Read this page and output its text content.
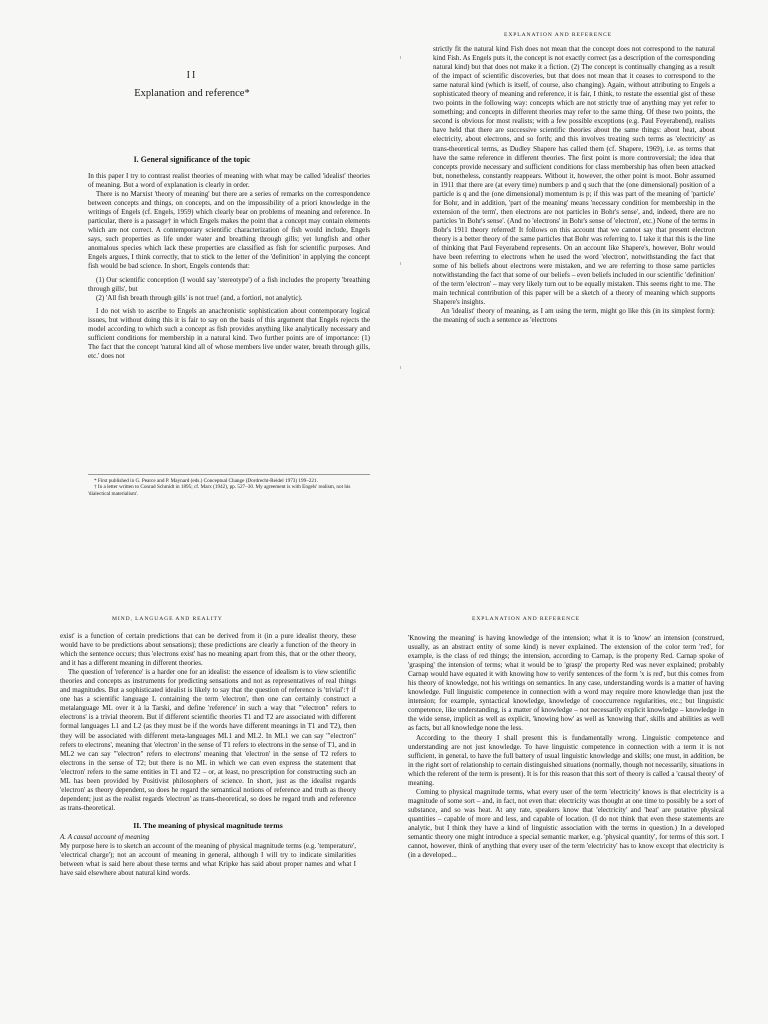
II
Explanation and reference*
I. General significance of the topic

In this paper I try to contrast realist theories of meaning with what may be called 'idealist' theories of meaning. But a word of explanation is clearly in order.

There is no Marxist 'theory of meaning' but there are a series of remarks on the correspondence between concepts and things, on concepts, and on the impossibility of a priori knowledge in the writings of Engels (cf. Engels, 1959) which clearly bear on problems of meaning and reference. In particular, there is a passage† in which Engels makes the point that a concept may contain elements which are not correct. A contemporary scientific characterization of fish would include, Engels says, such properties as life under water and breathing through gills; yet lungfish and other anomalous species which lack these properties are classified as fish for scientific purposes. And Engels argues, I think correctly, that to stick to the letter of the 'definition' in applying the concept fish would be bad science. In short, Engels contends that:

(1) Our scientific conception (I would say 'stereotype') of a fish includes the property 'breathing through gills', but

(2) 'All fish breath through gills' is not true! (and, a fortiori, not analytic).

I do not wish to ascribe to Engels an anachronistic sophistication about contemporary logical issues, but without doing this it is fair to say on the basis of this argument that Engels rejects the model according to which such a concept as fish provides anything like analytically necessary and sufficient conditions for membership in a natural kind. Two further points are of importance: (1) The fact that the concept 'natural kind all of whose members live under water, breath through gills, etc.' does not

* First published in G. Pearce and P. Maynard (eds.) Conceptual Change (Dordrecht-Reidel 1973) 199–221.

† In a letter written to Conrad Schmidt in 1895; cf. Marx (1942), pp. 527–30. My agreement is with Engels' realism, not his 'dialectical materialism'.

EXPLANATION AND REFERENCE

strictly fit the natural kind Fish does not mean that the concept does not correspond to the natural kind Fish. As Engels puts it, the concept is not exactly correct (as a description of the corresponding natural kind) but that does not make it a fiction. (2) The concept is continually changing as a result of the impact of scientific discoveries, but that does not mean that it ceases to correspond to the same natural kind (which is itself, of course, also changing). Again, without attributing to Engels a sophisticated theory of meaning and reference, it is fair, I think, to restate the essential gist of these two points in the following way: concepts which are not strictly true of anything may yet refer to something; and concepts in different theories may refer to the same thing. Of these two points, the second is obvious for most realists; with a few possible exceptions (e.g. Paul Feyerabend), realists have held that there are successive scientific theories about the same things: about heat, about electricity, about electrons, and so forth; and this involves treating such terms as 'electricity' as trans-theoretical terms, as Dudley Shapere has called them (cf. Shapere, 1969), i.e. as terms that have the same reference in different theories. The first point is more controversial; the idea that concepts provide necessary and sufficient conditions for class membership has often been attacked but, nonetheless, constantly reappears. Without it, however, the other point is moot. Bohr assumed in 1911 that there are (at every time) numbers p and q such that the (one dimensional) position of a particle is q and the (one dimensional) momentum is p; if this was part of the meaning of 'particle' for Bohr, and in addition, 'part of the meaning' means 'necessary condition for membership in the extension of the term', then electrons are not particles in Bohr's sense', and, indeed, there are no particles 'in Bohr's sense'. (And no 'electrons' in Bohr's sense of 'electron', etc.) None of the terms in Bohr's 1911 theory referred! It follows on this account that we cannot say that present electron theory is a better theory of the same particles that Bohr was referring to. I take it that this is the line of thinking that Paul Feyerabend represents. On an account like Shapere's, however, Bohr would have been referring to electrons when he used the word 'electron', notwithstanding the fact that some of his beliefs about electrons were mistaken, and we are referring to those same particles notwithstanding the fact that some of our beliefs – even beliefs included in our scientific 'definition' of the term 'electron' – may very likely turn out to be equally mistaken. This seems right to me. The main technical contribution of this paper will be a sketch of a theory of meaning which supports Shapere's insights.

An 'idealist' theory of meaning, as I am using the term, might go like this (in its simplest form): the meaning of such a sentence as 'electrons

MIND, LANGUAGE AND REALITY

exist' is a function of certain predictions that can be derived from it (in a pure idealist theory, these would have to be predictions about sensations); these predictions are clearly a function of the theory in which the sentence occurs; thus 'electrons exist' has no meaning apart from this, that or the other theory, and it has a different meaning in different theories.

The question of 'reference' is a harder one for an idealist: the essence of idealism is to view scientific theories and concepts as instruments for predicting sensations and not as representatives of real things and magnitudes. But a sophisticated idealist is likely to say that the question of reference is 'trivial':† if one has a scientific language L containing the term 'electron', then one can certainly construct a metalanguage ML over it à la Tarski, and define 'reference' in such a way that '"electron" refers to electrons' is a trivial theorem. But if different scientific theories T1 and T2 are associated with different formal languages L1 and L2 (as they must be if the words have different meanings in T1 and T2), then they will be associated with different meta-languages ML1 and ML2. In ML1 we can say '"electron" refers to electrons', meaning that 'electron' in the sense of T1 refers to electrons in the sense of T1, and in ML2 we can say '"electron" refers to electrons' meaning that 'electron' in the sense of T2 refers to electrons in the sense of T2; but there is no ML in which we can even express the statement that 'electron' refers to the same entities in T1 and T2 – or, at least, no prescription for constructing such an ML has been provided by Positivist philosophers of science. In short, just as the idealist regards 'electron' as theory dependent, so does he regard the semantical notions of reference and truth as theory dependent; just as the realist regards 'electron' as trans-theoretical, so does he regard truth and reference as trans-theoretical.

II. The meaning of physical magnitude terms

A. A causal account of meaning

My purpose here is to sketch an account of the meaning of physical magnitude terms (e.g. 'temperature', 'electrical charge'); not an account of meaning in general, although I will try to indicate similarities between what is said here about these terms and what Kripke has said about proper names and what I have said elsewhere about natural kind words.

EXPLANATION AND REFERENCE

'Knowing the meaning' is having knowledge of the intension; what it is to 'know' an intension (construed, usually, as an abstract entity of some kind) is never explained. The extension of the color term 'red', for example, is the class of red things; the intension, according to Carnap, is the property Red. Carnap spoke of 'grasping' the intension of terms; what it would be to 'grasp' the property Red was never explained; probably Carnap would have equated it with knowing how to verify sentences of the form 'x is red', but this comes from his theory of knowledge, not his writings on semantics. In any case, understanding words is a matter of having knowledge. Full linguistic competence in connection with a word may require more knowledge than just the intension; for example, syntactical knowledge, knowledge of cooccurrence regularities, etc.; but linguistic competence, like understanding, is a matter of knowledge – not necessarily explicit knowledge – knowledge in the wide sense, implicit as well as explicit, 'knowing how' as well as 'knowing that', skills and abilities as well as facts, but all knowledge none the less.

According to the theory I shall present this is fundamentally wrong. Linguistic competence and understanding are not just knowledge. To have linguistic competence in connection with a term it is not sufficient, in general, to have the full battery of usual linguistic knowledge and skills; one must, in addition, be in the right sort of relationship to certain distinguished situations (normally, though not necessarily, situations in which the referent of the term is present). It is for this reason that this sort of theory is called a 'causal theory' of meaning.

Coming to physical magnitude terms, what every user of the term 'electricity' knows is that electricity is a magnitude of some sort – and, in fact, not even that: electricity was thought at one time to possibly be a sort of substance, and so was heat. At any rate, speakers know that 'electricity' and 'heat' are putative physical quantities – capable of more and less, and capable of location. (I do not think that even these statements are analytic, but I think they have a kind of linguistic association with the terms in question.) In a developed semantic theory one might introduce a special semantic marker, e.g. 'physical quantity', for terms of this sort. I cannot, however, think of anything that every user of the term 'electricity' has to know except that electricity is (in a developed...
